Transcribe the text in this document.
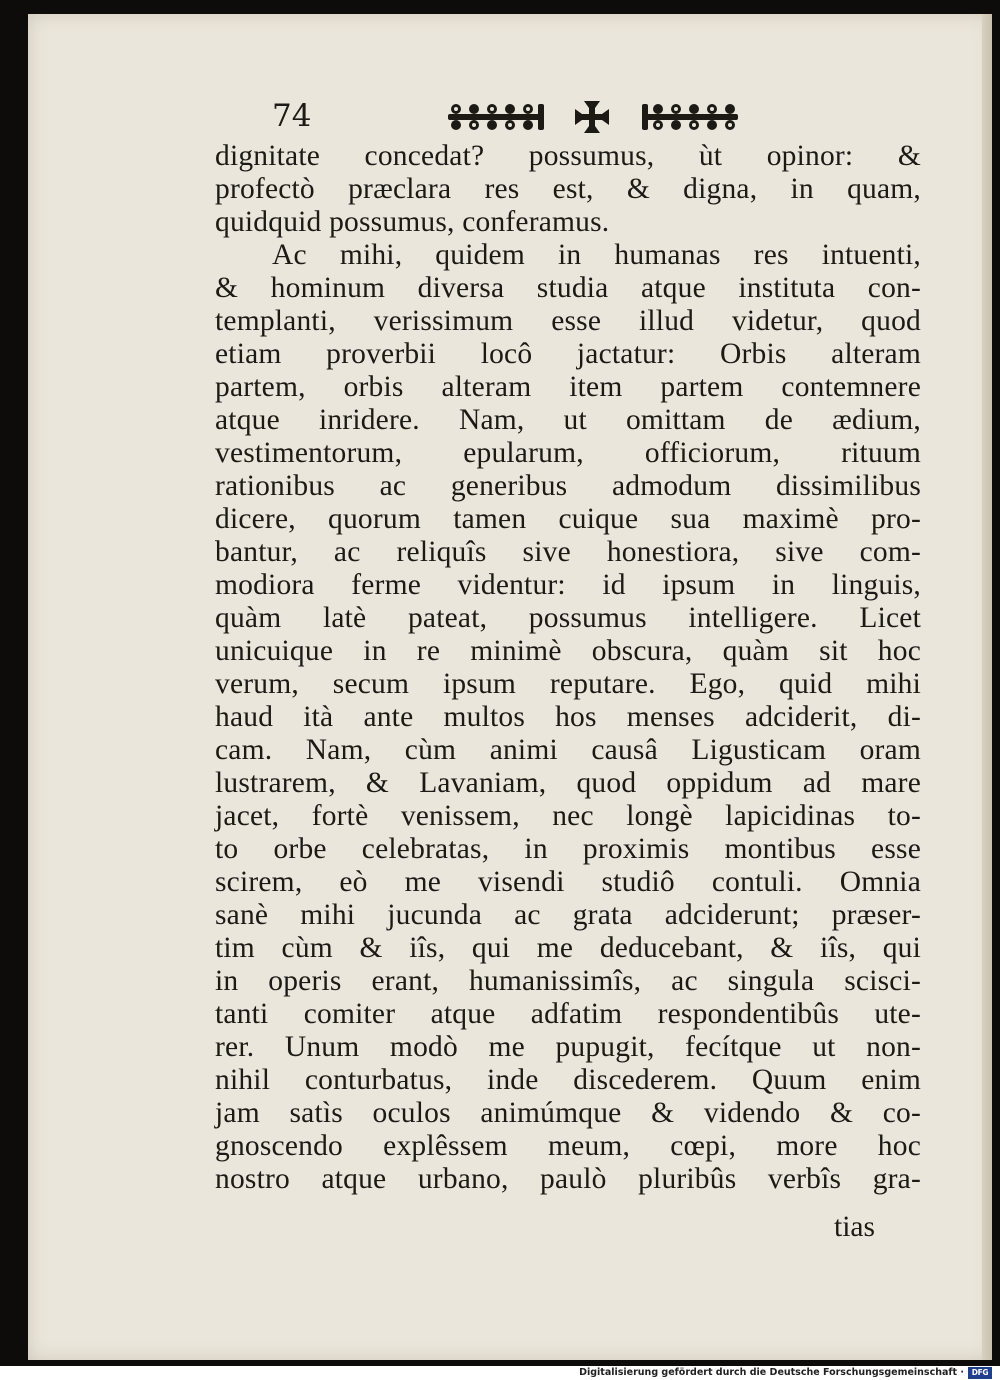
74
dignitate concedat? possumus, ùt opinor: &
profectò præclara res est, & digna, in quam,
quidquid possumus, conferamus.
Ac mihi, quidem in humanas res intuenti,
& hominum diversa studia atque instituta con-
templanti, verissimum esse illud videtur, quod
etiam proverbii locô jactatur: Orbis alteram
partem, orbis alteram item partem contemnere
atque inridere. Nam, ut omittam de ædium,
vestimentorum, epularum, officiorum, rituum
rationibus ac generibus admodum dissimilibus
dicere, quorum tamen cuique sua maximè pro-
bantur, ac reliquîs sive honestiora, sive com-
modiora ferme videntur: id ipsum in linguis,
quàm latè pateat, possumus intelligere. Licet
unicuique in re minimè obscura, quàm sit hoc
verum, secum ipsum reputare. Ego, quid mihi
haud ità ante multos hos menses adciderit, di-
cam. Nam, cùm animi causâ Ligusticam oram
lustrarem, & Lavaniam, quod oppidum ad mare
jacet, fortè venissem, nec longè lapicidinas to-
to orbe celebratas, in proximis montibus esse
scirem, eò me visendi studiô contuli. Omnia
sanè mihi jucunda ac grata adciderunt; præser-
tim cùm & iîs, qui me deducebant, & iîs, qui
in operis erant, humanissimîs, ac singula scisci-
tanti comiter atque adfatim respondentibûs ute-
rer. Unum modò me pupugit, fecítque ut non-
nihil conturbatus, inde discederem. Quum enim
jam satìs oculos animúmque & videndo & co-
gnoscendo explêssem meum, cœpi, more hoc
nostro atque urbano, paulò pluribûs verbîs gra-
tias
Digitalisierung gefördert durch die Deutsche Forschungsgemeinschaft ·	DFG
